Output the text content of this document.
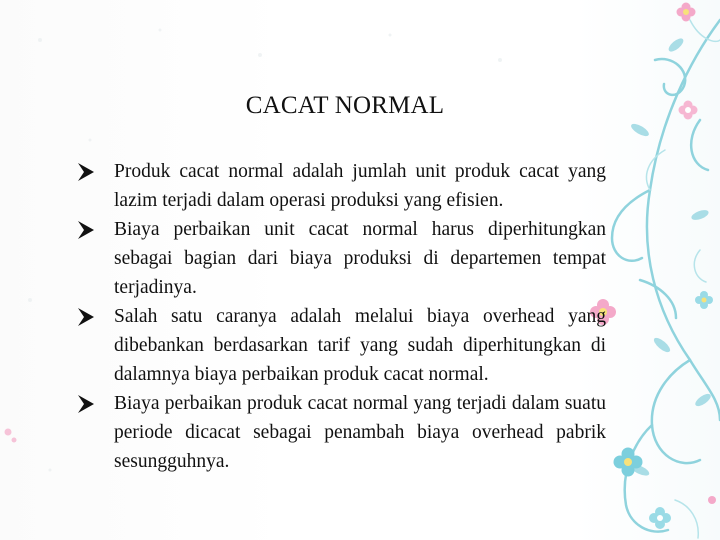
CACAT NORMAL
Produk cacat normal adalah jumlah unit produk cacat yang lazim terjadi dalam operasi produksi yang efisien.
Biaya perbaikan unit cacat normal harus diperhitungkan sebagai bagian dari biaya produksi di departemen tempat terjadinya.
Salah satu caranya adalah melalui biaya overhead yang dibebankan berdasarkan tarif yang sudah diperhitungkan di dalamnya biaya perbaikan produk cacat normal.
Biaya perbaikan produk cacat normal yang terjadi dalam suatu periode dicacat sebagai penambah biaya overhead pabrik sesungguhnya.
